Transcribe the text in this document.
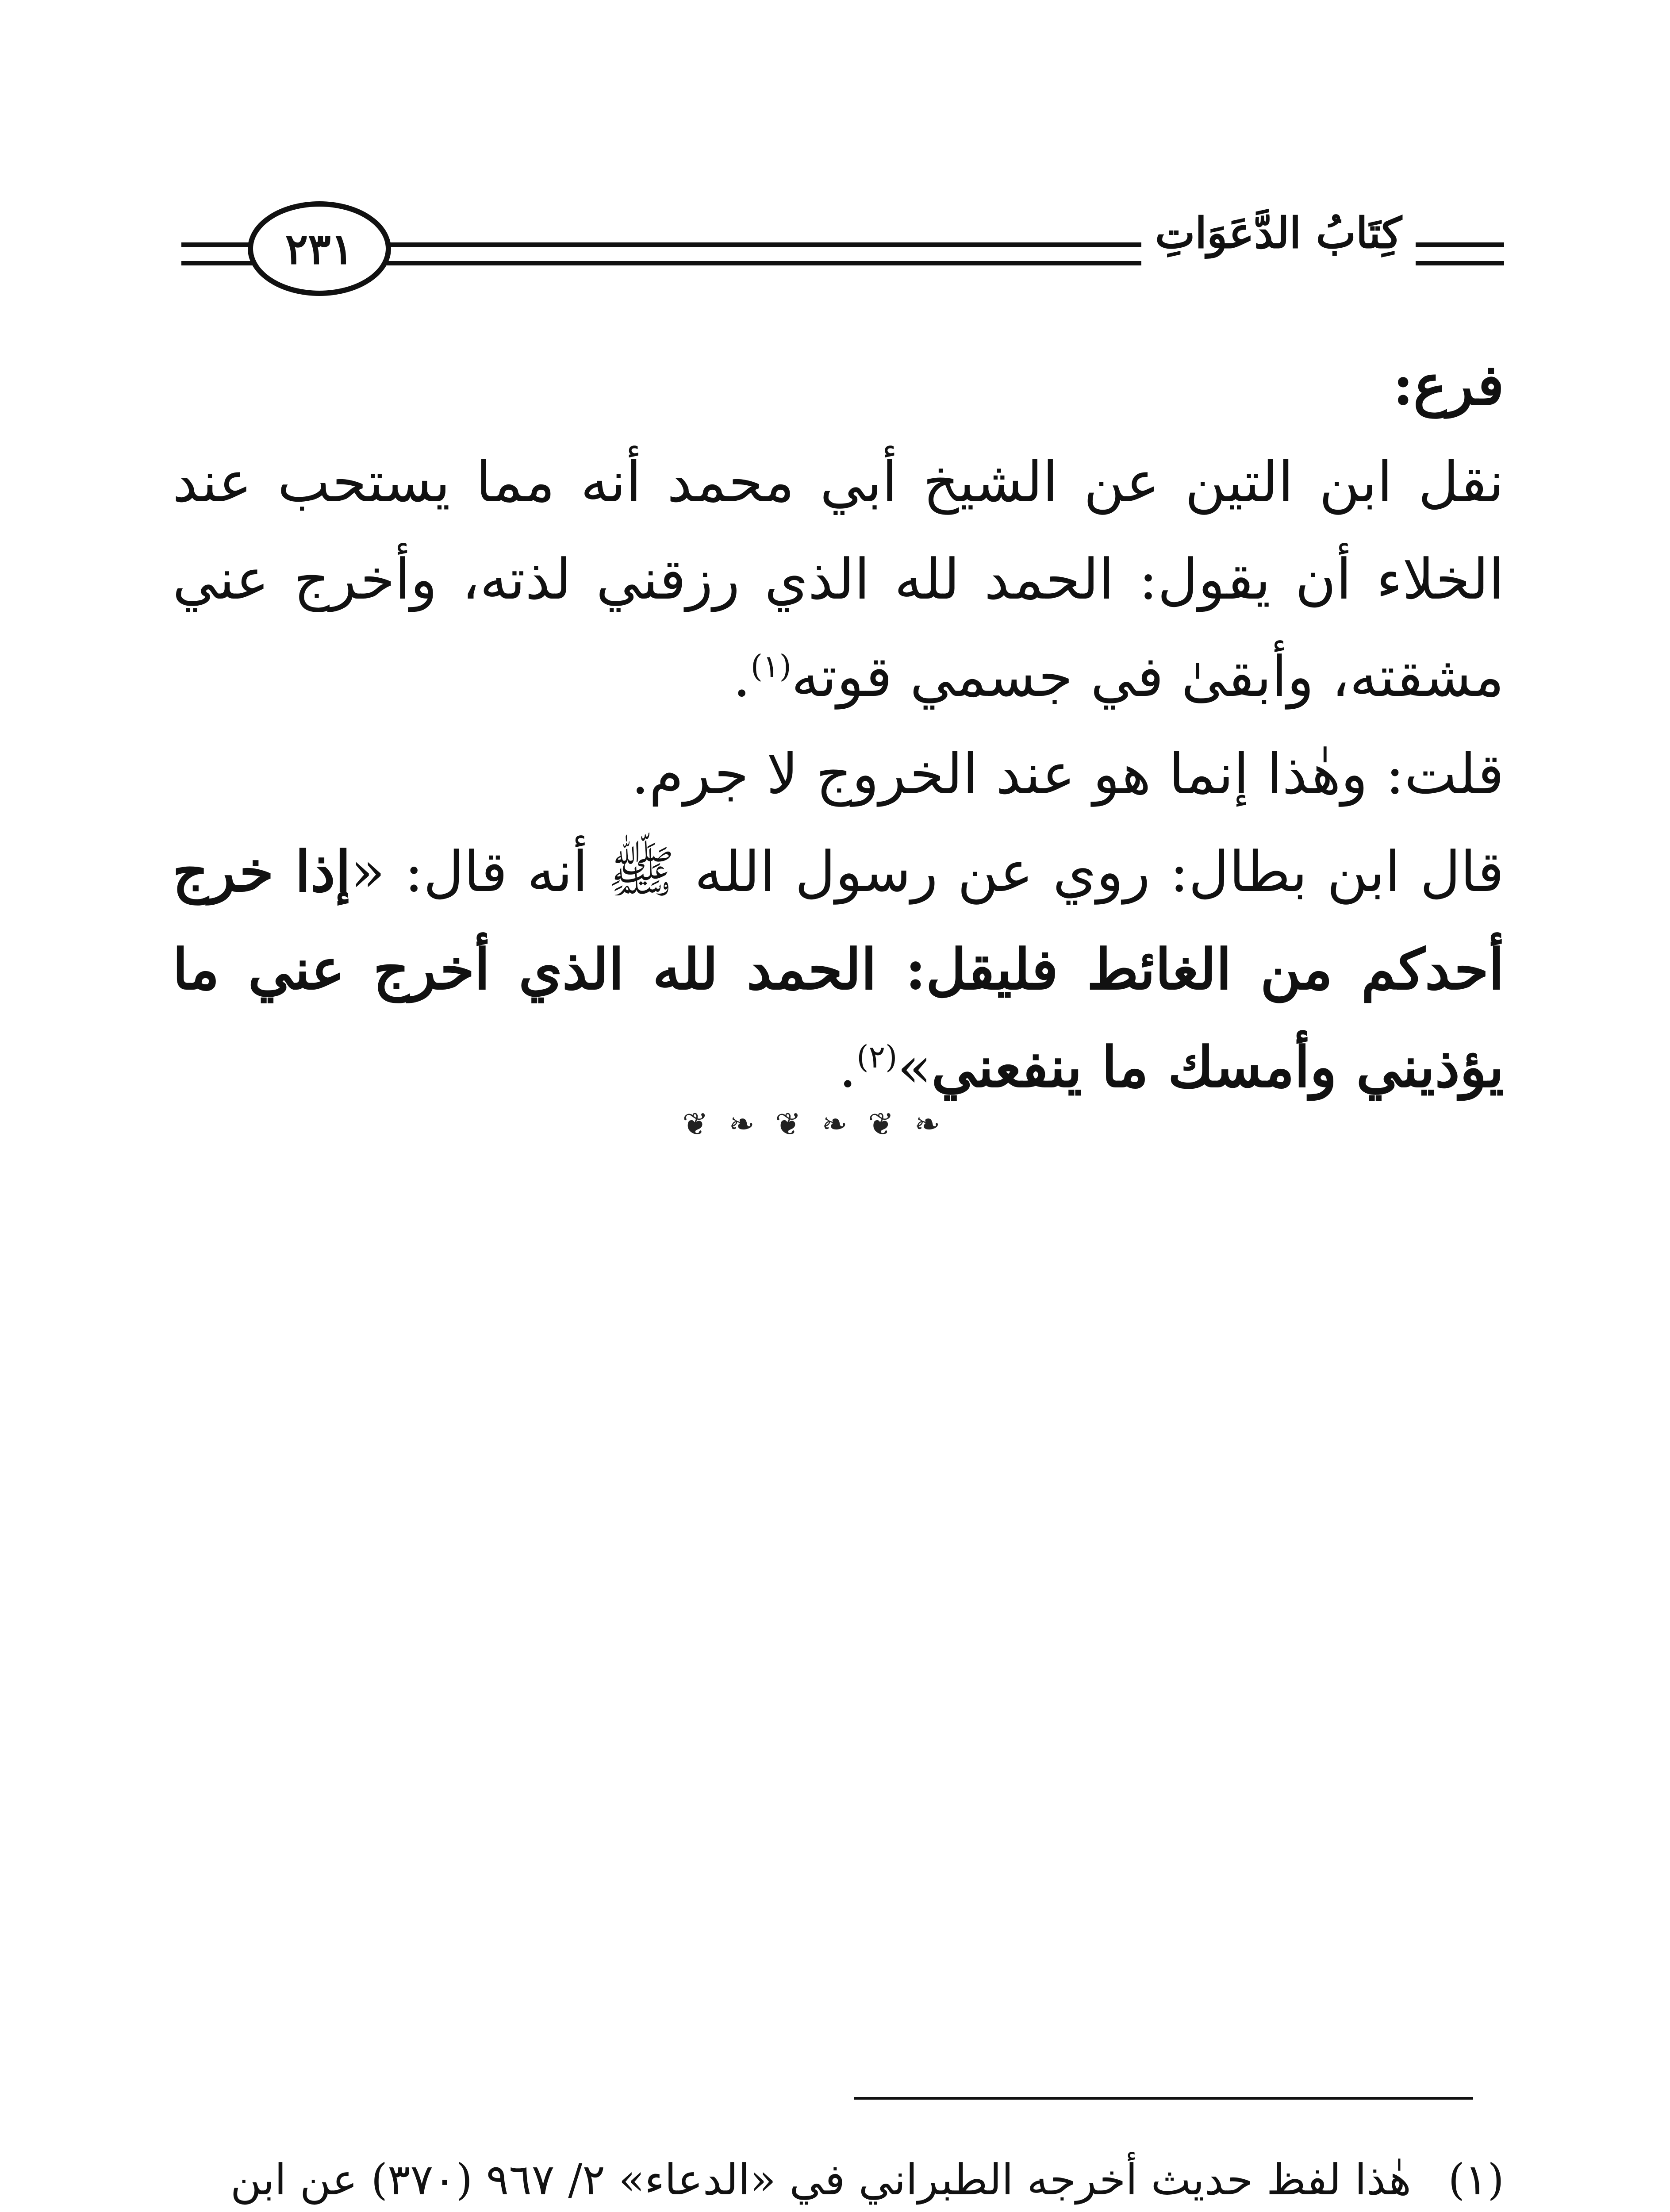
كِتَابُ الدَّعَوَاتِ
٢٣١

فرع:

نقل ابن التين عن الشيخ أبي محمد أنه مما يستحب عند الخلاء أن يقول: الحمد لله الذي رزقني لذته، وأخرج عني مشقته، وأبقىٰ في جسمي قوته$^{(١)}$.

قلت: وهٰذا إنما هو عند الخروج لا جرم.

قال ابن بطال: روي عن رسول الله ﷺ أنه قال: «إذا خرج أحدكم من الغائط فليقل: الحمد لله الذي أخرج عني ما يؤذيني وأمسك ما ينفعني»$^{(٢)}$.

❦ ❧ ❦ ❧ ❦ ❧

(١)
هٰذا لفظ حديث أخرجه الطبراني في «الدعاء» ٢/ ٩٦٧ (٣٧٠) عن ابن
